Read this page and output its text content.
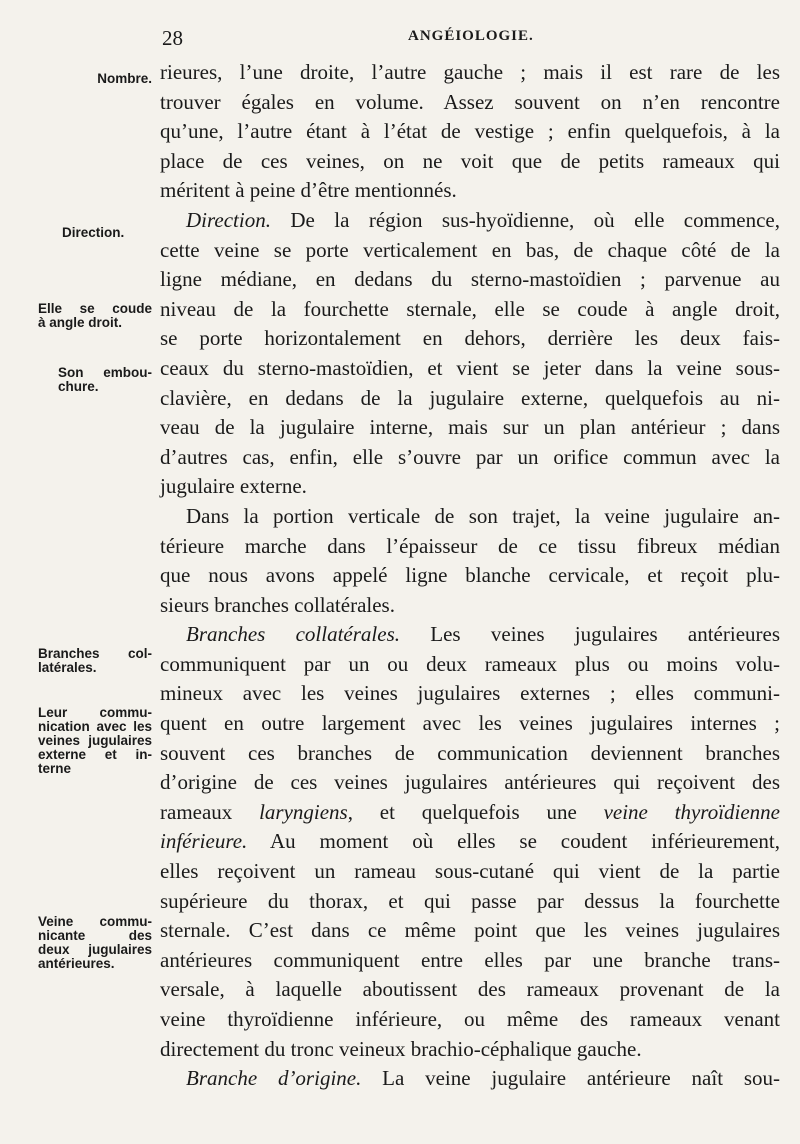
28	ANGÉIOLOGIE.
Nombre.
Direction.
Elle se coude
à angle droit.
Son embou-
chure.
Branches col-
latérales.
Leur commu-
nication avec les
veines jugulaires
externe et in-
terne
Veine commu-
nicante des
deux jugulaires
antérieures.
rieures, l’une droite, l’autre gauche ; mais il est rare de les
trouver égales en volume. Assez souvent on n’en rencontre
qu’une, l’autre étant à l’état de vestige ; enfin quelquefois, à la
place de ces veines, on ne voit que de petits rameaux qui
méritent à peine d’être mentionnés.
Direction. De la région sus-hyoïdienne, où elle commence,
cette veine se porte verticalement en bas, de chaque côté de la
ligne médiane, en dedans du sterno-mastoïdien ; parvenue au
niveau de la fourchette sternale, elle se coude à angle droit,
se porte horizontalement en dehors, derrière les deux fais-
ceaux du sterno-mastoïdien, et vient se jeter dans la veine sous-
clavière, en dedans de la jugulaire externe, quelquefois au ni-
veau de la jugulaire interne, mais sur un plan antérieur ; dans
d’autres cas, enfin, elle s’ouvre par un orifice commun avec la
jugulaire externe.
Dans la portion verticale de son trajet, la veine jugulaire an-
térieure marche dans l’épaisseur de ce tissu fibreux médian
que nous avons appelé ligne blanche cervicale, et reçoit plu-
sieurs branches collatérales.
Branches collatérales. Les veines jugulaires antérieures
communiquent par un ou deux rameaux plus ou moins volu-
mineux avec les veines jugulaires externes ; elles communi-
quent en outre largement avec les veines jugulaires internes ;
souvent ces branches de communication deviennent branches
d’origine de ces veines jugulaires antérieures qui reçoivent des
rameaux laryngiens, et quelquefois une veine thyroïdienne
inférieure. Au moment où elles se coudent inférieurement,
elles reçoivent un rameau sous-cutané qui vient de la partie
supérieure du thorax, et qui passe par dessus la fourchette
sternale. C’est dans ce même point que les veines jugulaires
antérieures communiquent entre elles par une branche trans-
versale, à laquelle aboutissent des rameaux provenant de la
veine thyroïdienne inférieure, ou même des rameaux venant
directement du tronc veineux brachio-céphalique gauche.
Branche d’origine. La veine jugulaire antérieure naît sou-
